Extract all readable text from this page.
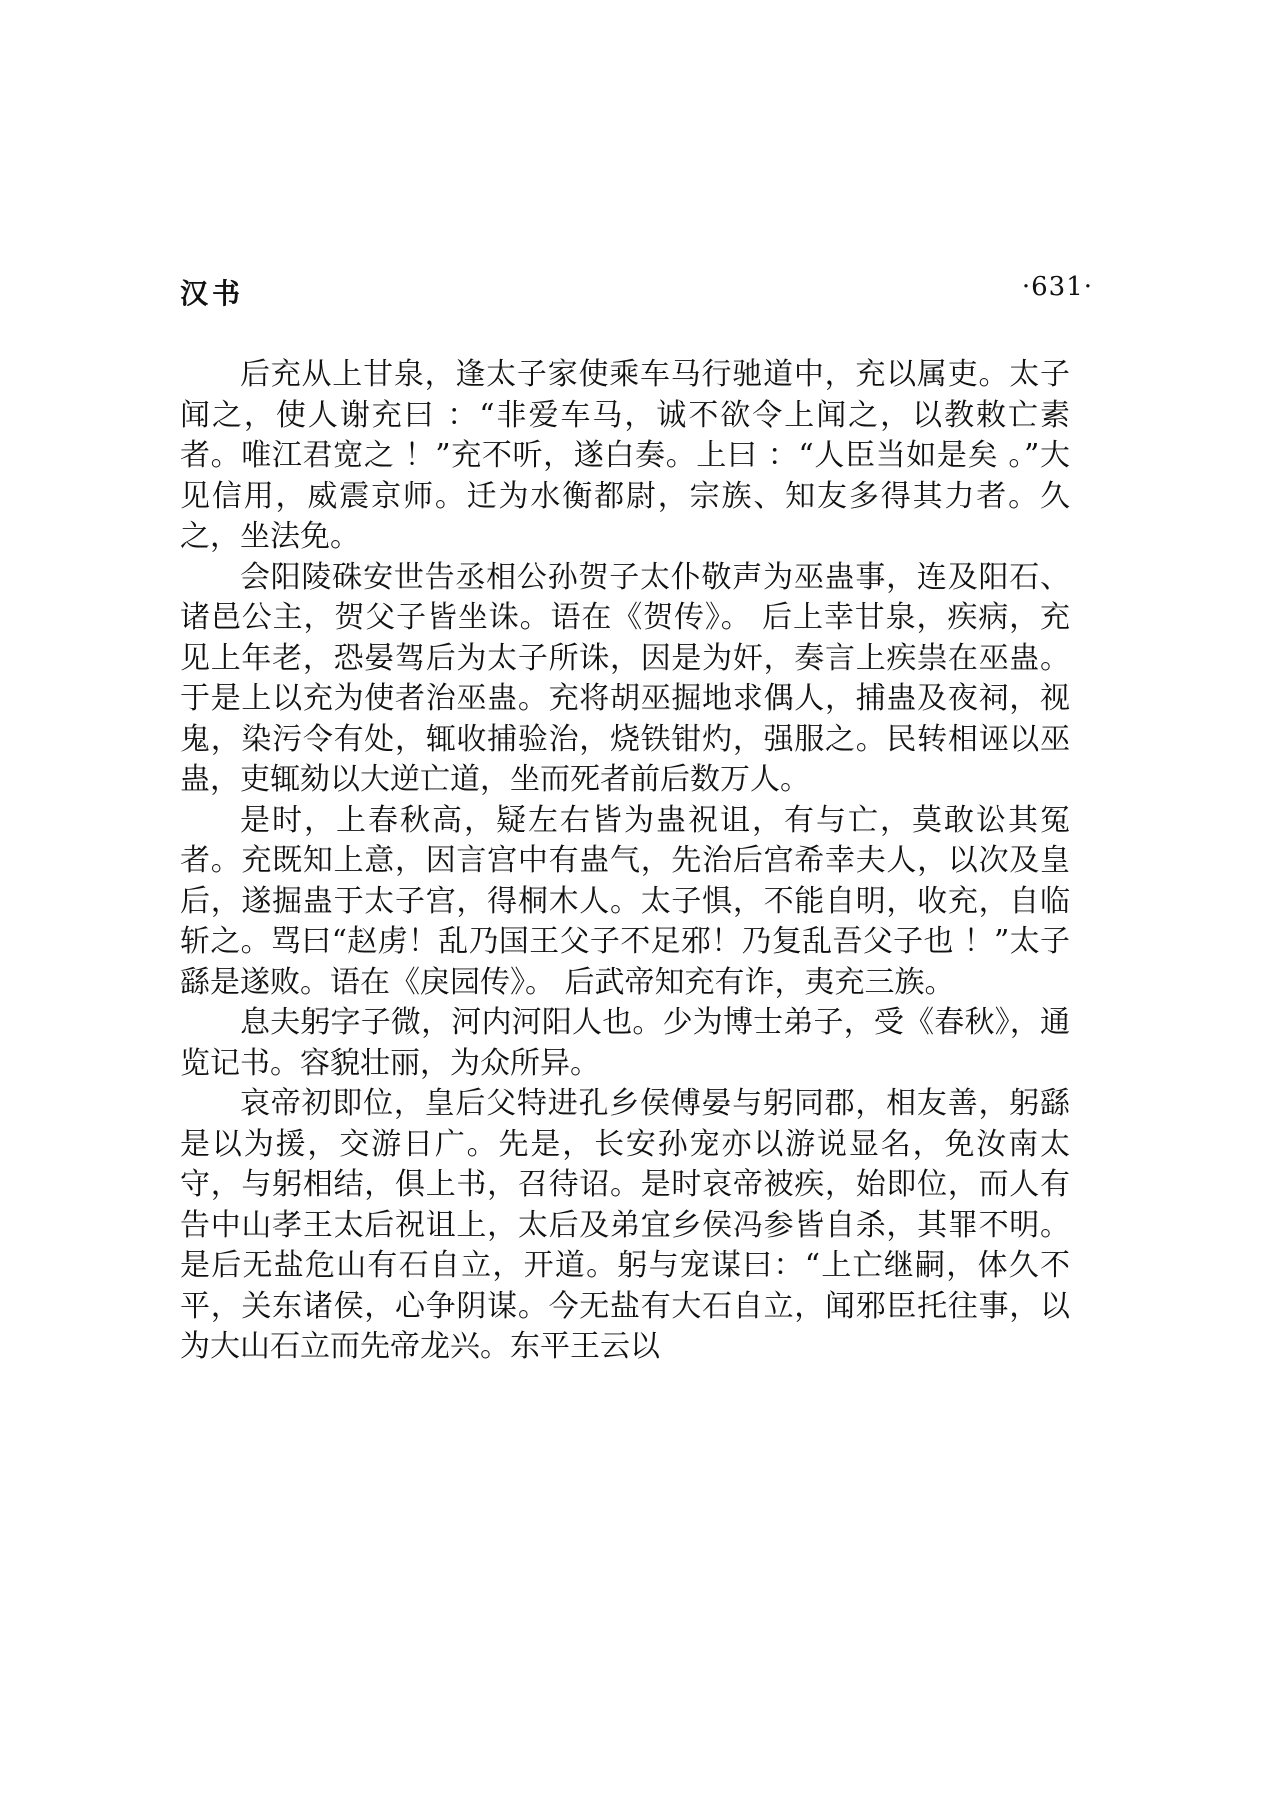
汉书	·631·

后充从上甘泉，逢太子家使乘车马行驰道中，充以属吏。太子闻之，使人谢充曰 ：“非爱车马，诚不欲令上闻之，以教敕亡素者。唯江君宽之 ！”充不听，遂白奏。上曰 ：“人臣当如是矣 。”大见信用，威震京师。迁为水衡都尉，宗族、知友多得其力者。久之，坐法免。

会阳陵硃安世告丞相公孙贺子太仆敬声为巫蛊事，连及阳石、诸邑公主，贺父子皆坐诛。语在《贺传》。 后上幸甘泉，疾病，充见上年老，恐晏驾后为太子所诛，因是为奸，奏言上疾祟在巫蛊。于是上以充为使者治巫蛊。充将胡巫掘地求偶人，捕蛊及夜祠，视鬼，染污令有处，辄收捕验治，烧铁钳灼，强服之。民转相诬以巫蛊，吏辄劾以大逆亡道，坐而死者前后数万人。

是时，上春秋高，疑左右皆为蛊祝诅，有与亡，莫敢讼其冤者。充既知上意，因言宫中有蛊气，先治后宫希幸夫人，以次及皇后，遂掘蛊于太子宫，得桐木人。太子惧，不能自明，收充，自临斩之。骂曰“赵虏！乱乃国王父子不足邪！乃复乱吾父子也 ！”太子繇是遂败。语在《戾园传》。 后武帝知充有诈，夷充三族。

息夫躬字子微，河内河阳人也。少为博士弟子，受《春秋》，通览记书。容貌壮丽，为众所异。

哀帝初即位，皇后父特进孔乡侯傅晏与躬同郡，相友善，躬繇是以为援，交游日广。先是，长安孙宠亦以游说显名，免汝南太守，与躬相结，俱上书，召待诏。是时哀帝被疾，始即位，而人有告中山孝王太后祝诅上，太后及弟宜乡侯冯参皆自杀，其罪不明。是后无盐危山有石自立，开道。躬与宠谋曰：“上亡继嗣，体久不平，关东诸侯，心争阴谋。今无盐有大石自立，闻邪臣托往事，以为大山石立而先帝龙兴。东平王云以
